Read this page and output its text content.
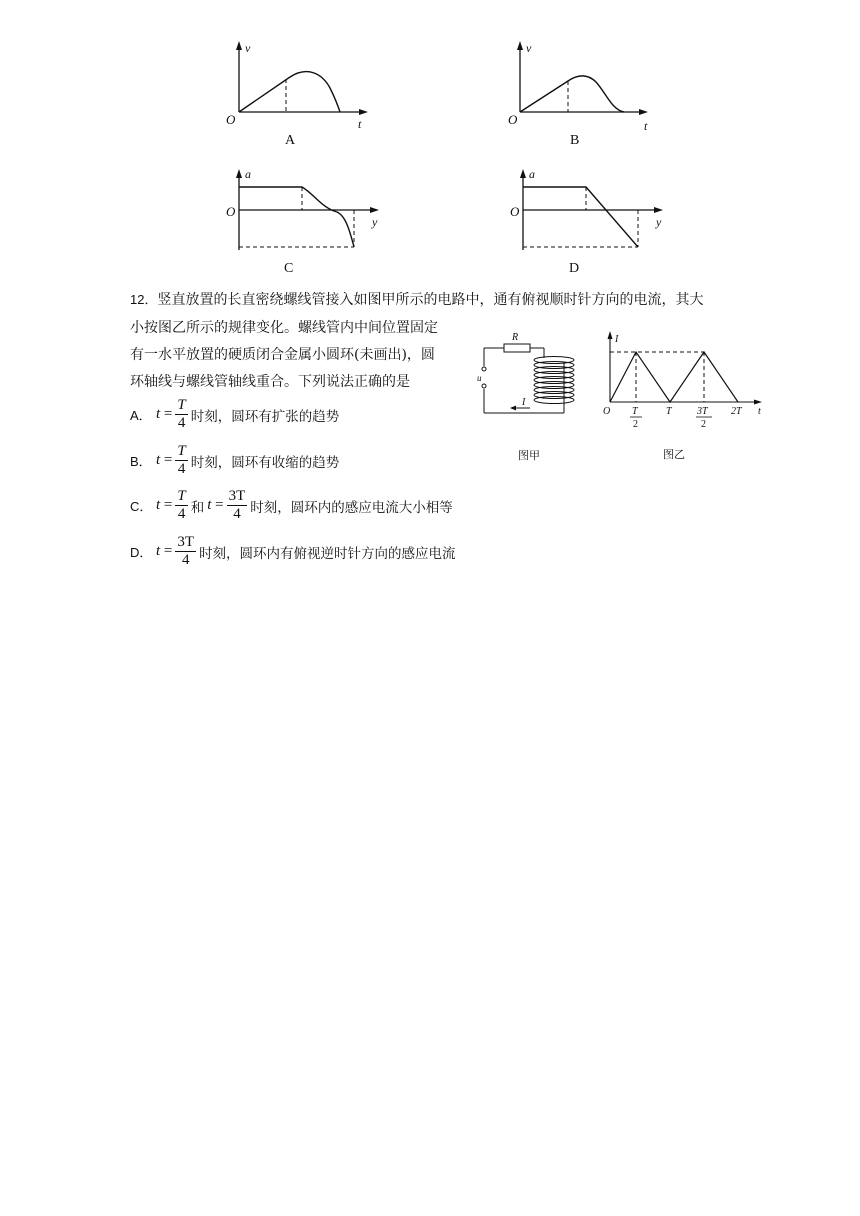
v
O	t
A
v
O	t
B
a
O
y
C
a
O
y
D
12．竖直放置的长直密绕螺线管接入如图甲所示的电路中，通有俯视顺时针方向的电流，其大
小按图乙所示的规律变化。螺线管内中间位置固定
有一水平放置的硬质闭合金属小圆环(未画出)，圆
环轴线与螺线管轴线重合。下列说法正确的是
A． $t = \frac{T}{4}$ 时刻，圆环有扩张的趋势
B． $t = \frac{T}{4}$ 时刻，圆环有收缩的趋势
C． $t = \frac{T}{4}$ 和 $t = \frac{3T}{4}$ 时刻，圆环内的感应电流大小相等
D． $t = \frac{3T}{4}$ 时刻，圆环内有俯视逆时针方向的感应电流
R
u
I
图甲
I
O	t
T
2
T	3T
2
2T
图乙
